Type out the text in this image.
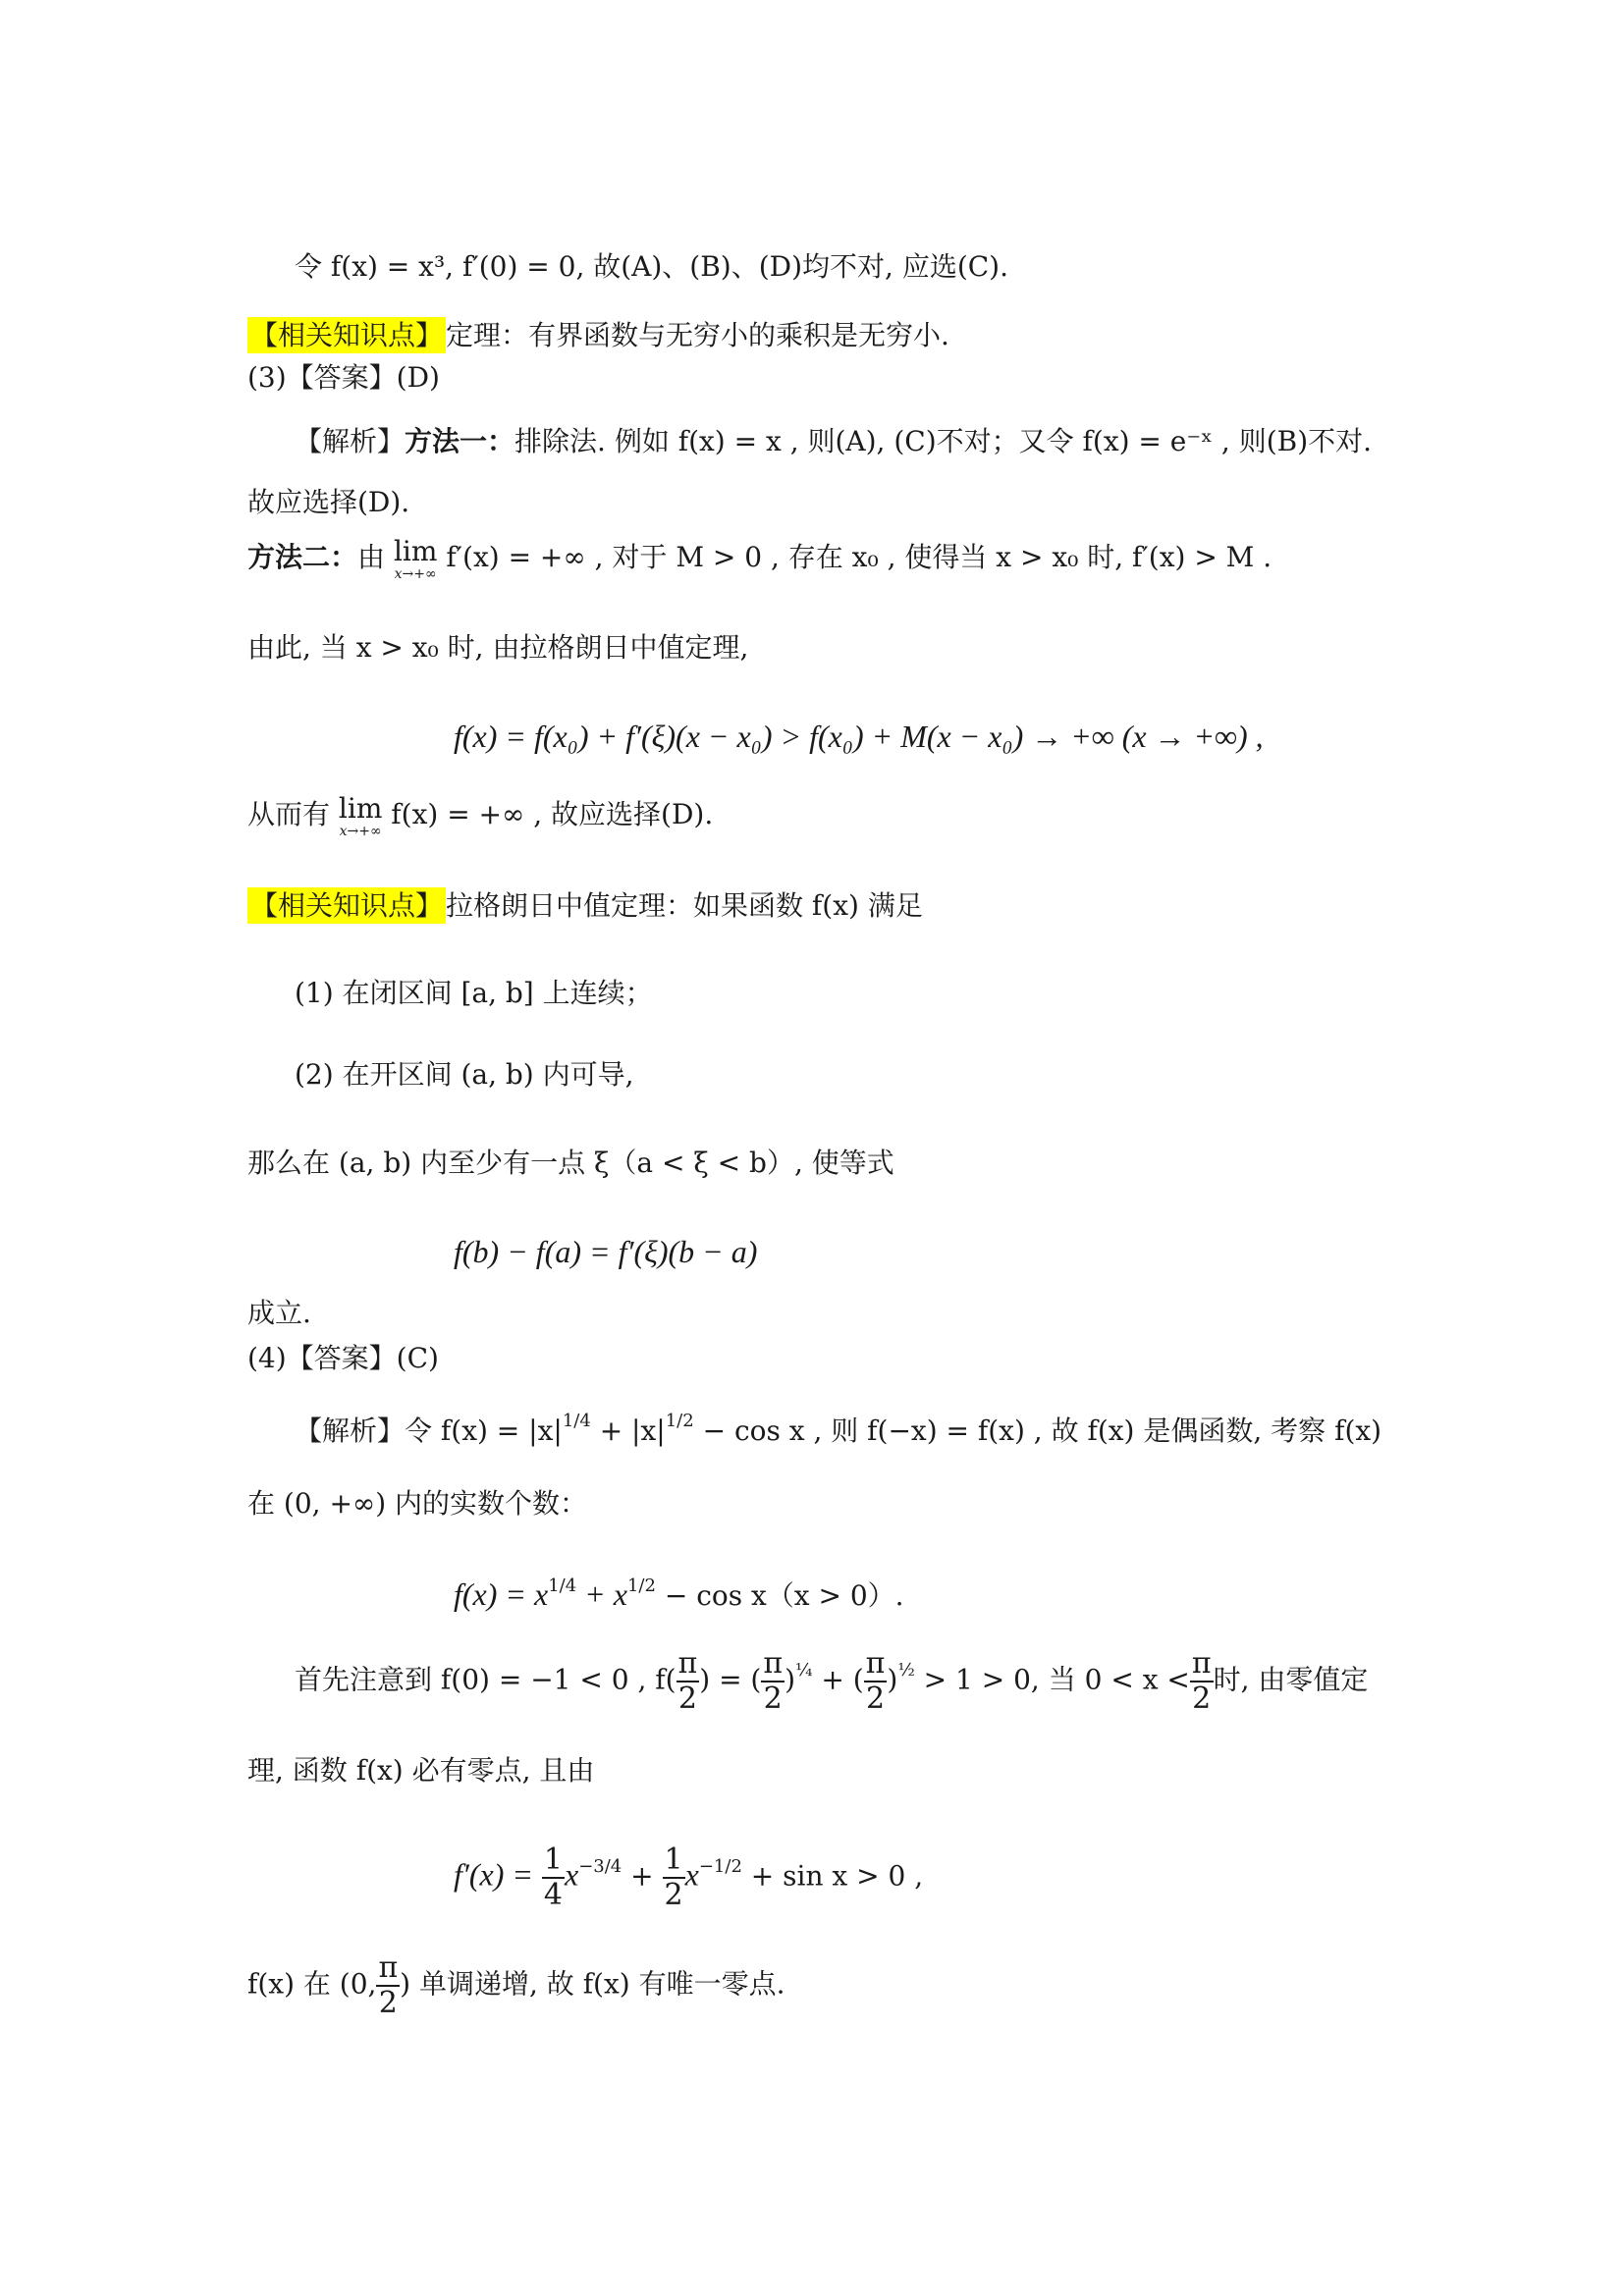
令 f(x) = x³, f′(0) = 0, 故(A)、(B)、(D)均不对, 应选(C).
【相关知识点】 定理：有界函数与无穷小的乘积是无穷小.
(3)【答案】(D)
【解析】方法一：排除法. 例如 f(x) = x , 则(A), (C)不对；又令 f(x) = e⁻ˣ , 则(B)不对.
故应选择(D).
方法二：由 lim
x→+∞
f′(x) = +∞ , 对于 M > 0 , 存在 x₀ , 使得当 x > x₀ 时, f′(x) > M .
由此, 当 x > x₀ 时, 由拉格朗日中值定理,
f(x) = f(x₀) + f′(ξ)(x − x₀) > f(x₀) + M(x − x₀) → +∞ (x → +∞) ,
从而有 lim
x→+∞
f(x) = +∞ , 故应选择(D).
【相关知识点】 拉格朗日中值定理：如果函数 f(x) 满足
(1) 在闭区间 [a, b] 上连续；
(2) 在开区间 (a, b) 内可导,
那么在 (a, b) 内至少有一点 ξ（a < ξ < b）, 使等式
f(b) − f(a) = f′(ξ)(b − a)
成立.
(4)【答案】(C)
【解析】令 $f(x) = |x|^{1/4} + |x|^{1/2} - \cos x$ , 则 f(−x) = f(x) , 故 f(x) 是偶函数, 考察 f(x)
在 (0, +∞) 内的实数个数：
$f(x) = x^{1/4} + x^{1/2} - \cos x(x > 0)$.
首先注意到 f(0) = −1 < 0 , $f( \frac{\pi}{2}$ ) = ( $\frac{\pi}{2} )^{\frac{1}{4}}$ + ( $\frac{\pi}{2} )^{\frac{1}{2}} > 1 > 0$, 当 $0 < x < \frac{\pi}{2}$ 时, 由零值定
理, 函数 f(x) 必有零点, 且由
$f'(x) = \frac{1}{4} x^{-3/4} + \frac{1}{2} x^{-1/2} + \sin x > 0$ ,
f(x) 在 (0, $\frac{\pi}{2}$ ) 单调递增, 故 f(x) 有唯一零点.
